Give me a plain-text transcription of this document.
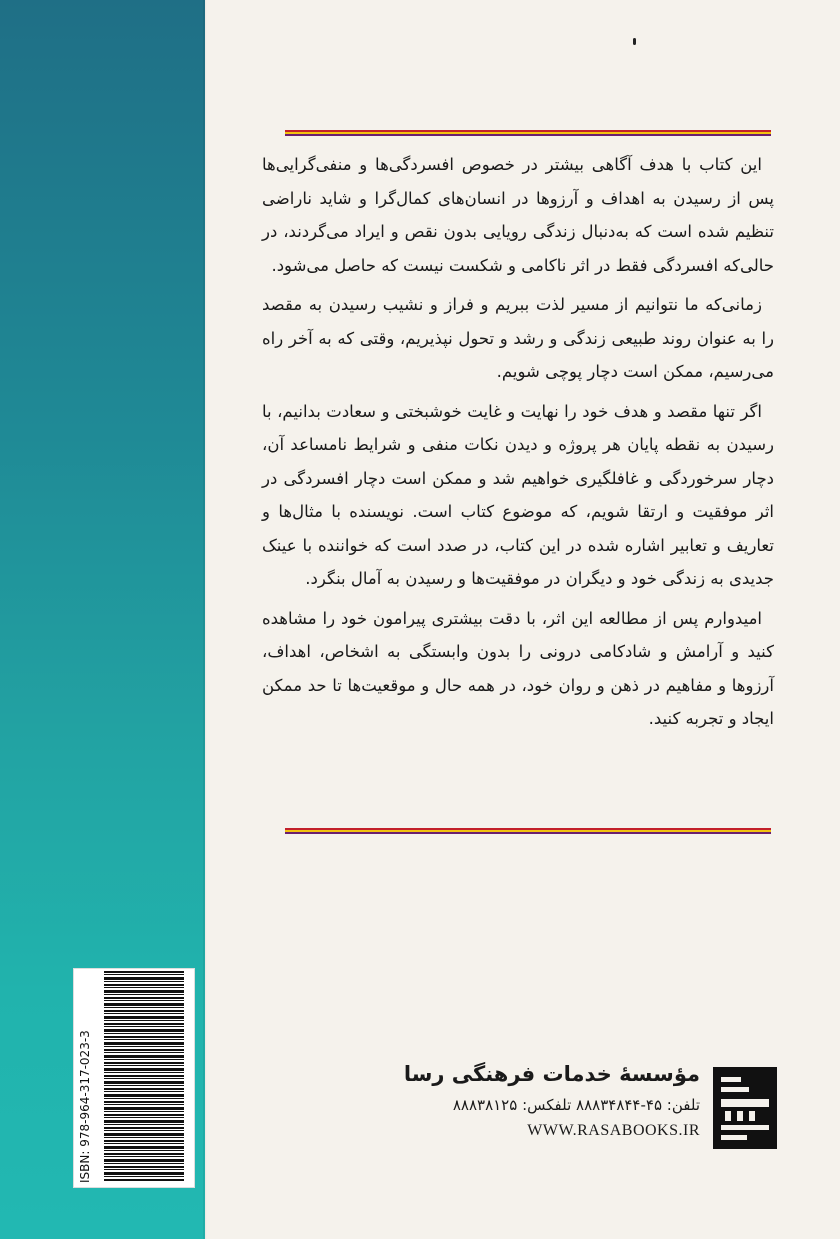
این کتاب با هدف آگاهی بیشتر در خصوص افسردگی‌ها و منفی‌گرایی‌ها پس از رسیدن به اهداف و آرزوها در انسان‌های کمال‌گرا و شاید ناراضی تنظیم شده است که به‌دنبال زندگی رویایی بدون نقص و ایراد می‌گردند، در حالی‌که افسردگی فقط در اثر ناکامی و شکست نیست که حاصل می‌شود.

زمانی‌که ما نتوانیم از مسیر لذت ببریم و فراز و نشیب رسیدن به مقصد را به عنوان روند طبیعی زندگی و رشد و تحول نپذیریم، وقتی که به آخر راه می‌رسیم، ممکن است دچار پوچی شویم.

اگر تنها مقصد و هدف خود را نهایت و غایت خوشبختی و سعادت بدانیم، با رسیدن به نقطه پایان هر پروژه و دیدن نکات منفی و شرایط نامساعد آن، دچار سرخوردگی و غافلگیری خواهیم شد و ممکن است دچار افسردگی در اثر موفقیت و ارتقا شویم، که موضوع کتاب است. نویسنده با مثال‌ها و تعاریف و تعابیر اشاره شده در این کتاب، در صدد است که خواننده با عینک جدیدی به زندگی خود و دیگران در موفقیت‌ها و رسیدن به آمال بنگرد.

امیدوارم پس از مطالعه این اثر، با دقت بیشتری پیرامون خود را مشاهده کنید و آرامش و شادکامی درونی را بدون وابستگی به اشخاص، اهداف، آرزوها و مفاهیم در ذهن و روان خود، در همه حال و موقعیت‌ها تا حد ممکن ایجاد و تجربه کنید.

ISBN: 978-964-317-023-3	مؤسسهٔ خدمات فرهنگی رسا
تلفن: ۴۵-۸۸۸۳۴۸۴۴ تلفکس: ۸۸۸۳۸۱۲۵
WWW.RASABOOKS.IR
